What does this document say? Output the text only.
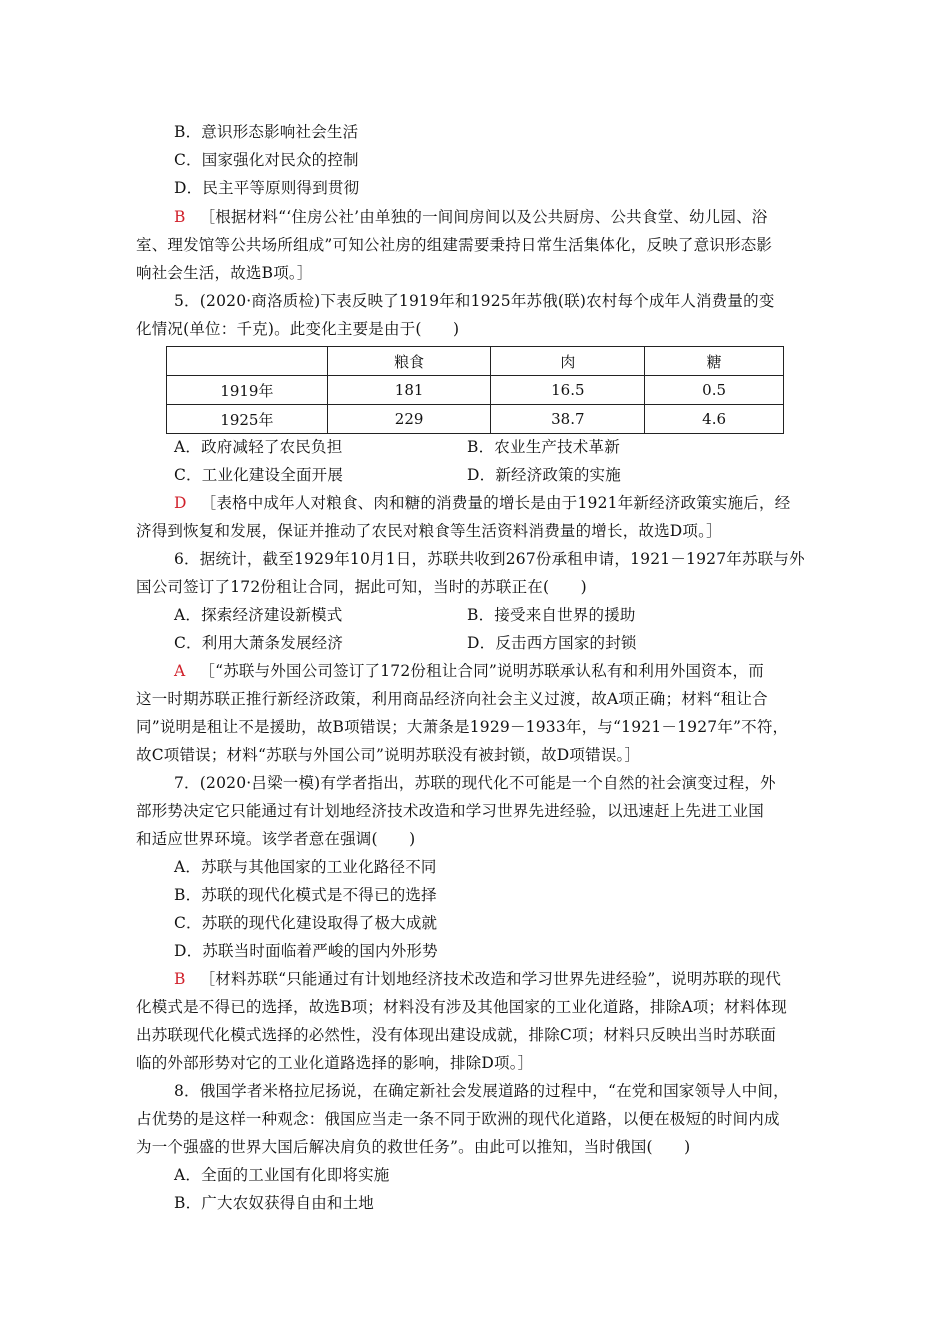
B．意识形态影响社会生活
C．国家强化对民众的控制
D．民主平等原则得到贯彻
B ［根据材料“‘住房公社’由单独的一间间房间以及公共厨房、公共食堂、幼儿园、浴
室、理发馆等公共场所组成”可知公社房的组建需要秉持日常生活集体化，反映了意识形态影
响社会生活，故选B项。］
5．(2020·商洛质检)下表反映了1919年和1925年苏俄(联)农村每个成年人消费量的变
化情况(单位：千克)。此变化主要是由于(　　)
	粮食	肉	糖
1919年	181	16.5	0.5
1925年	229	38.7	4.6
A．政府减轻了农民负担	B．农业生产技术革新
C．工业化建设全面开展	D．新经济政策的实施
D ［表格中成年人对粮食、肉和糖的消费量的增长是由于1921年新经济政策实施后，经
济得到恢复和发展，保证并推动了农民对粮食等生活资料消费量的增长，故选D项。］
6．据统计，截至1929年10月1日，苏联共收到267份承租申请，1921－1927年苏联与外
国公司签订了172份租让合同，据此可知，当时的苏联正在(　　)
A．探索经济建设新模式	B．接受来自世界的援助
C．利用大萧条发展经济	D．反击西方国家的封锁
A ［“苏联与外国公司签订了172份租让合同”说明苏联承认私有和利用外国资本，而
这一时期苏联正推行新经济政策，利用商品经济向社会主义过渡，故A项正确；材料“租让合
同”说明是租让不是援助，故B项错误；大萧条是1929－1933年，与“1921－1927年”不符，
故C项错误；材料“苏联与外国公司”说明苏联没有被封锁，故D项错误。］
7．(2020·吕梁一模)有学者指出，苏联的现代化不可能是一个自然的社会演变过程，外
部形势决定它只能通过有计划地经济技术改造和学习世界先进经验，以迅速赶上先进工业国
和适应世界环境。该学者意在强调(　　)
A．苏联与其他国家的工业化路径不同
B．苏联的现代化模式是不得已的选择
C．苏联的现代化建设取得了极大成就
D．苏联当时面临着严峻的国内外形势
B ［材料苏联“只能通过有计划地经济技术改造和学习世界先进经验”，说明苏联的现代
化模式是不得已的选择，故选B项；材料没有涉及其他国家的工业化道路，排除A项；材料体现
出苏联现代化模式选择的必然性，没有体现出建设成就，排除C项；材料只反映出当时苏联面
临的外部形势对它的工业化道路选择的影响，排除D项。］
8．俄国学者米格拉尼扬说，在确定新社会发展道路的过程中，“在党和国家领导人中间，
占优势的是这样一种观念：俄国应当走一条不同于欧洲的现代化道路，以便在极短的时间内成
为一个强盛的世界大国后解决肩负的救世任务”。由此可以推知，当时俄国(　　)
A．全面的工业国有化即将实施
B．广大农奴获得自由和土地
